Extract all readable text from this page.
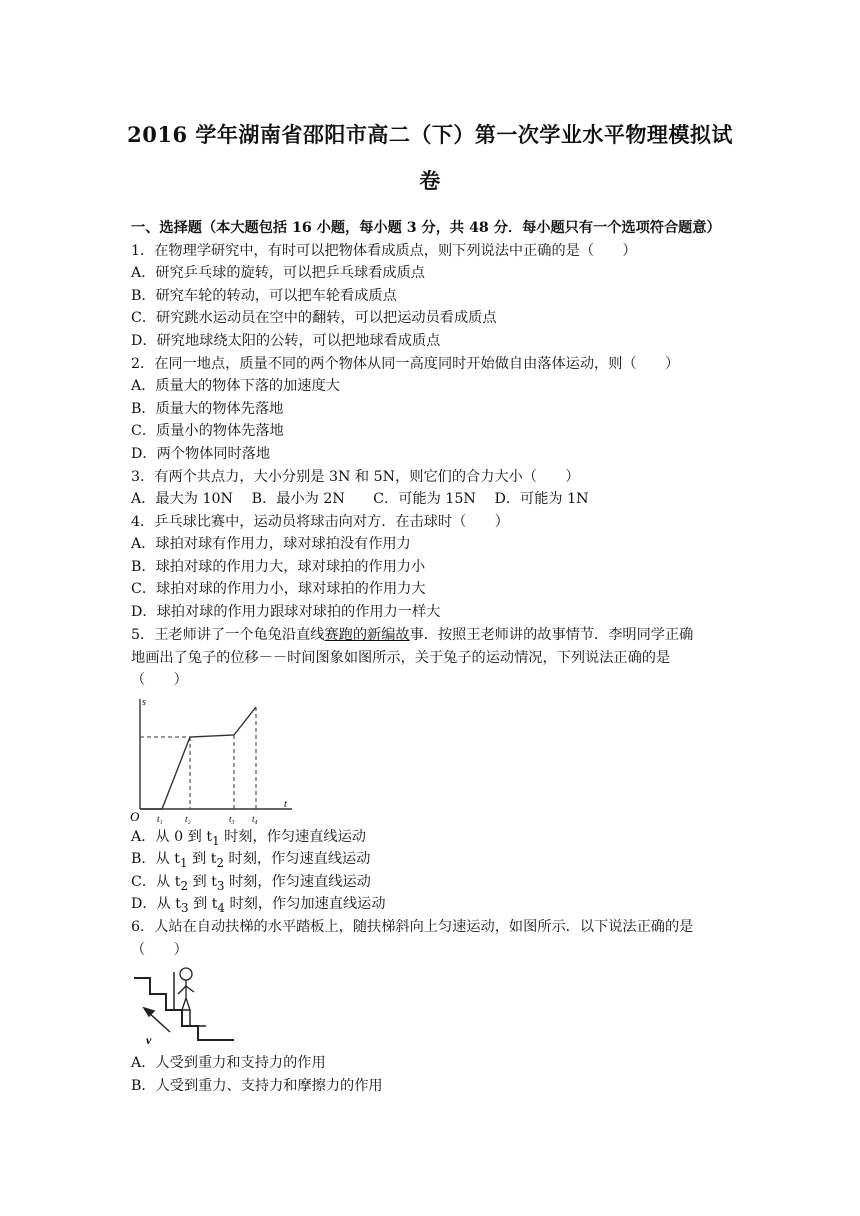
2016 学年湖南省邵阳市高二（下）第一次学业水平物理模拟试
卷
一、选择题（本大题包括 16 小题，每小题 3 分，共 48 分．每小题只有一个选项符合题意）
1．在物理学研究中，有时可以把物体看成质点，则下列说法中正确的是（　　）
A．研究乒乓球的旋转，可以把乒乓球看成质点
B．研究车轮的转动，可以把车轮看成质点
C．研究跳水运动员在空中的翻转，可以把运动员看成质点
D．研究地球绕太阳的公转，可以把地球看成质点
2．在同一地点，质量不同的两个物体从同一高度同时开始做自由落体运动，则（　　）
A．质量大的物体下落的加速度大
B．质量大的物体先落地
C．质量小的物体先落地
D．两个物体同时落地
3．有两个共点力，大小分别是 3N 和 5N，则它们的合力大小（　　）
A．最大为 10N　 B．最小为 2N　　C．可能为 15N　 D．可能为 1N
4．乒乓球比赛中，运动员将球击向对方．在击球时（　　）
A．球拍对球有作用力，球对球拍没有作用力
B．球拍对球的作用力大，球对球拍的作用力小
C．球拍对球的作用力小，球对球拍的作用力大
D．球拍对球的作用力跟球对球拍的作用力一样大
5．王老师讲了一个龟兔沿直线赛跑的新编故事．按照王老师讲的故事情节．李明同学正确
地画出了兔子的位移－－时间图象如图所示，关于兔子的运动情况，下列说法正确的是
（　　）
s
t
O t₁ t₂	t₃ t₄
A．从 0 到 $t_1$ 时刻，作匀速直线运动
B．从 $t_1$ 到 $t_2$ 时刻，作匀速直线运动
C．从 $t_2$ 到 $t_3$ 时刻，作匀速直线运动
D．从 $t_3$ 到 $t_4$ 时刻，作匀加速直线运动
6．人站在自动扶梯的水平踏板上，随扶梯斜向上匀速运动，如图所示．以下说法正确的是
（　　）
v
A．人受到重力和支持力的作用
B．人受到重力、支持力和摩擦力的作用
